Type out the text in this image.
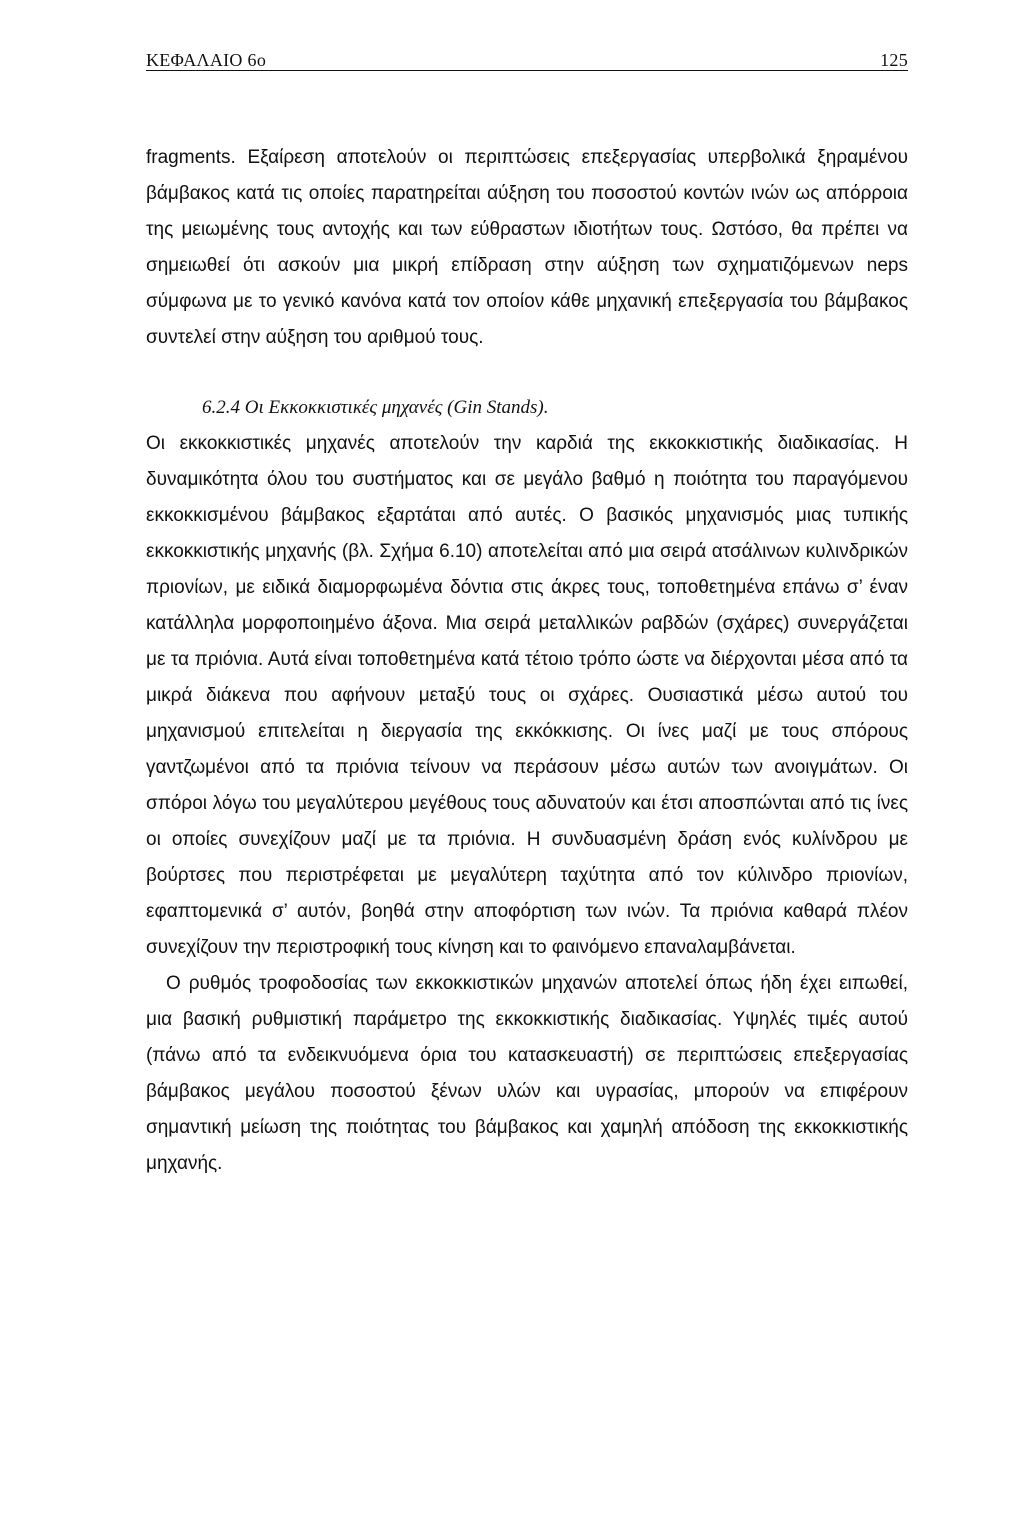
ΚΕΦΑΛΑΙΟ 6ο	125

fragments. Εξαίρεση αποτελούν οι περιπτώσεις επεξεργασίας υπερβολικά ξηραμένου βάμβακος κατά τις οποίες παρατηρείται αύξηση του ποσοστού κοντών ινών ως απόρροια της μειωμένης τους αντοχής και των εύθραστων ιδιοτήτων τους. Ωστόσο, θα πρέπει να σημειωθεί ότι ασκούν μια μικρή επίδραση στην αύξηση των σχηματιζόμενων neps σύμφωνα με το γενικό κανόνα κατά τον οποίον κάθε μηχανική επεξεργασία του βάμβακος συντελεί στην αύξηση του αριθμού τους.

6.2.4 Οι Εκκοκκιστικές μηχανές (Gin Stands).

Οι εκκοκκιστικές μηχανές αποτελούν την καρδιά της εκκοκκιστικής διαδικασίας. Η δυναμικότητα όλου του συστήματος και σε μεγάλο βαθμό η ποιότητα του παραγόμενου εκκοκκισμένου βάμβακος εξαρτάται από αυτές. Ο βασικός μηχανισμός μιας τυπικής εκκοκκιστικής μηχανής (βλ. Σχήμα 6.10) αποτελείται από μια σειρά ατσάλινων κυλινδρικών πριονίων, με ειδικά διαμορφωμένα δόντια στις άκρες τους, τοποθετημένα επάνω σ’ έναν κατάλληλα μορφοποιημένο άξονα. Μια σειρά μεταλλικών ραβδών (σχάρες) συνεργάζεται με τα πριόνια. Αυτά είναι τοποθετημένα κατά τέτοιο τρόπο ώστε να διέρχονται μέσα από τα μικρά διάκενα που αφήνουν μεταξύ τους οι σχάρες. Ουσιαστικά μέσω αυτού του μηχανισμού επιτελείται η διεργασία της εκκόκκισης. Οι ίνες μαζί με τους σπόρους γαντζωμένοι από τα πριόνια τείνουν να περάσουν μέσω αυτών των ανοιγμάτων. Οι σπόροι λόγω του μεγαλύτερου μεγέθους τους αδυνατούν και έτσι αποσπώνται από τις ίνες οι οποίες συνεχίζουν μαζί με τα πριόνια. Η συνδυασμένη δράση ενός κυλίνδρου με βούρτσες που περιστρέφεται με μεγαλύτερη ταχύτητα από τον κύλινδρο πριονίων, εφαπτομενικά σ’ αυτόν, βοηθά στην αποφόρτιση των ινών. Τα πριόνια καθαρά πλέον συνεχίζουν την περιστροφική τους κίνηση και το φαινόμενο επαναλαμβάνεται.

Ο ρυθμός τροφοδοσίας των εκκοκκιστικών μηχανών αποτελεί όπως ήδη έχει ειπωθεί, μια βασική ρυθμιστική παράμετρο της εκκοκκιστικής διαδικασίας. Υψηλές τιμές αυτού (πάνω από τα ενδεικνυόμενα όρια του κατασκευαστή) σε περιπτώσεις επεξεργασίας βάμβακος μεγάλου ποσοστού ξένων υλών και υγρασίας, μπορούν να επιφέρουν σημαντική μείωση της ποιότητας του βάμβακος και χαμηλή απόδοση της εκκοκκιστικής μηχανής.
